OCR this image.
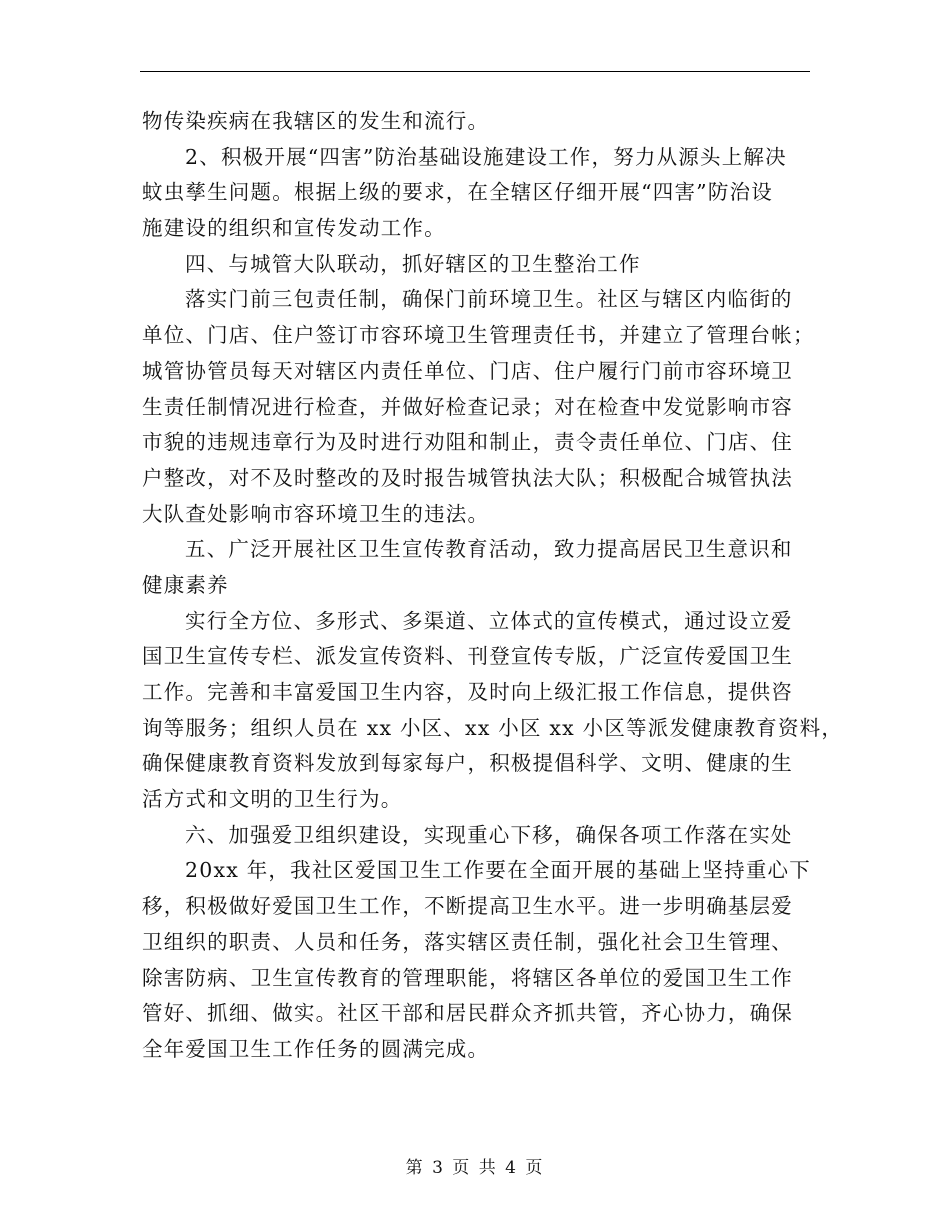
物传染疾病在我辖区的发生和流行。
2、积极开展“四害”防治基础设施建设工作，努力从源头上解决
蚊虫孳生问题。根据上级的要求，在全辖区仔细开展“四害”防治设
施建设的组织和宣传发动工作。
四、与城管大队联动，抓好辖区的卫生整治工作
落实门前三包责任制，确保门前环境卫生。社区与辖区内临街的
单位、门店、住户签订市容环境卫生管理责任书，并建立了管理台帐；
城管协管员每天对辖区内责任单位、门店、住户履行门前市容环境卫
生责任制情况进行检查，并做好检查记录；对在检查中发觉影响市容
市貌的违规违章行为及时进行劝阻和制止，责令责任单位、门店、住
户整改，对不及时整改的及时报告城管执法大队；积极配合城管执法
大队查处影响市容环境卫生的违法。
五、广泛开展社区卫生宣传教育活动，致力提高居民卫生意识和
健康素养
实行全方位、多形式、多渠道、立体式的宣传模式，通过设立爱
国卫生宣传专栏、派发宣传资料、刊登宣传专版，广泛宣传爱国卫生
工作。完善和丰富爱国卫生内容，及时向上级汇报工作信息，提供咨
询等服务；组织人员在 xx 小区、xx 小区 xx 小区等派发健康教育资料，
确保健康教育资料发放到每家每户，积极提倡科学、文明、健康的生
活方式和文明的卫生行为。
六、加强爱卫组织建设，实现重心下移，确保各项工作落在实处
20xx 年，我社区爱国卫生工作要在全面开展的基础上坚持重心下
移，积极做好爱国卫生工作，不断提高卫生水平。进一步明确基层爱
卫组织的职责、人员和任务，落实辖区责任制，强化社会卫生管理、
除害防病、卫生宣传教育的管理职能，将辖区各单位的爱国卫生工作
管好、抓细、做实。社区干部和居民群众齐抓共管，齐心协力，确保
全年爱国卫生工作任务的圆满完成。
第 3 页 共 4 页
